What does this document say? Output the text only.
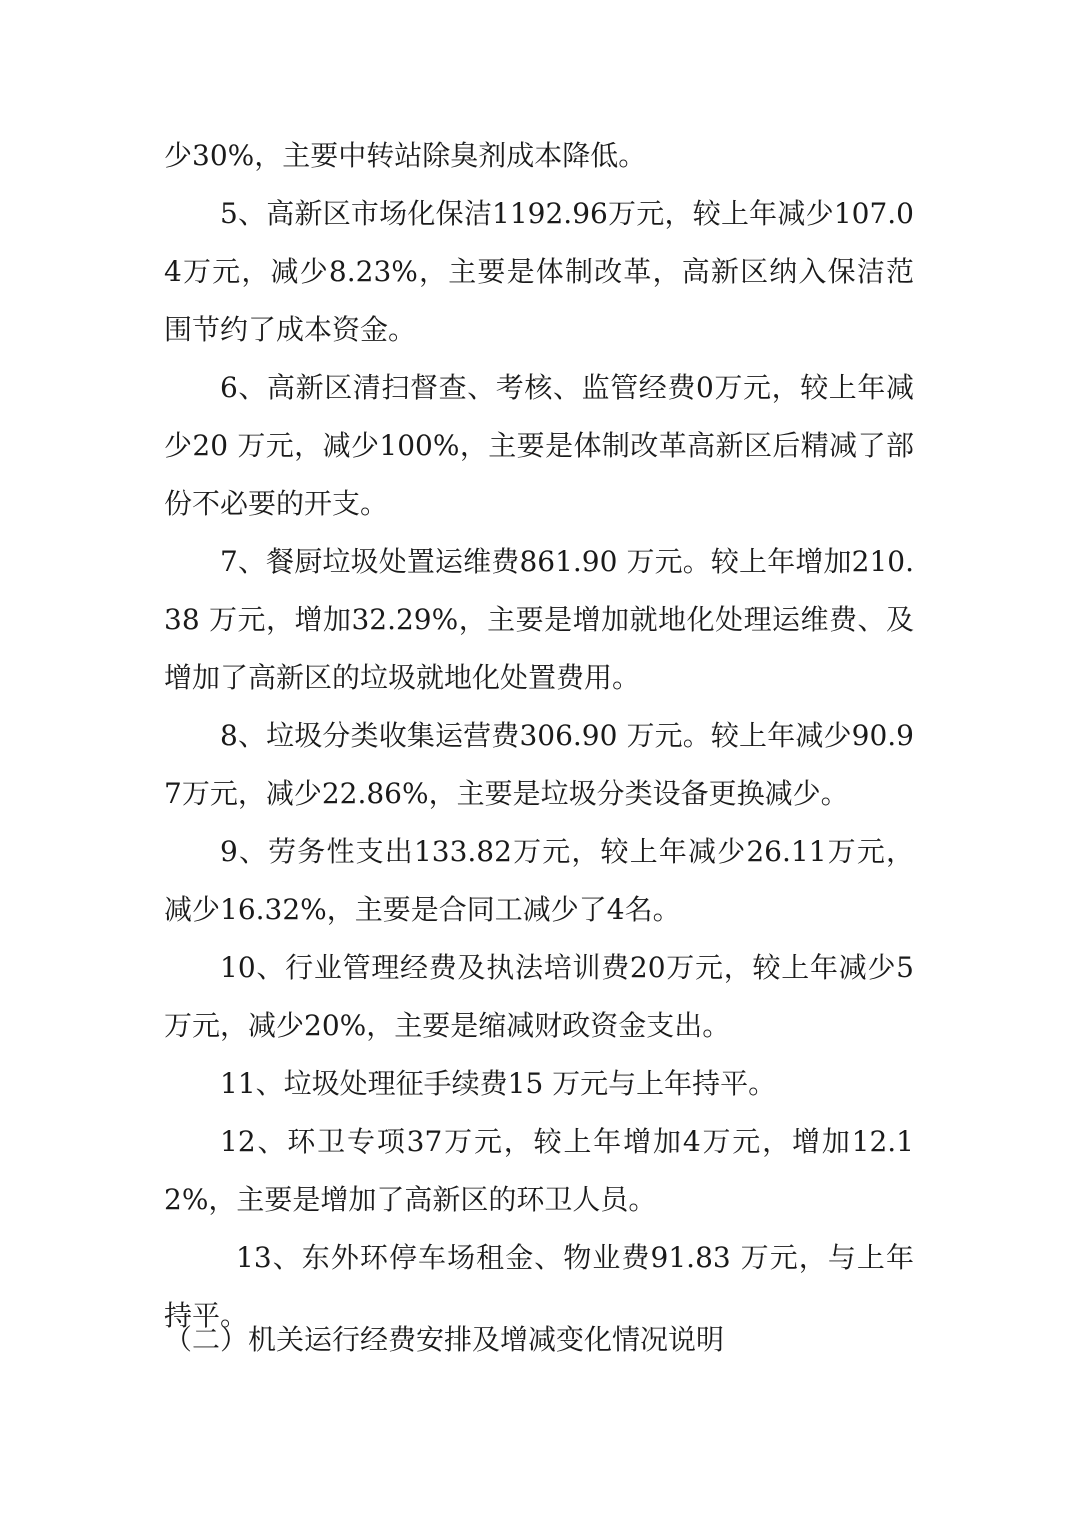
少30%，主要中转站除臭剂成本降低。

5、高新区市场化保洁1192.96万元，较上年减少107.04万元，减少8.23%，主要是体制改革，高新区纳入保洁范围节约了成本资金。

6、高新区清扫督查、考核、监管经费0万元，较上年减少20 万元，减少100%，主要是体制改革高新区后精减了部份不必要的开支。

7、餐厨垃圾处置运维费861.90 万元。较上年增加210.38 万元，增加32.29%，主要是增加就地化处理运维费、及增加了高新区的垃圾就地化处置费用。

8、垃圾分类收集运营费306.90 万元。较上年减少90.97万元，减少22.86%，主要是垃圾分类设备更换减少。

9、劳务性支出133.82万元，较上年减少26.11万元，减少16.32%，主要是合同工减少了4名。

10、行业管理经费及执法培训费20万元，较上年减少5万元，减少20%，主要是缩减财政资金支出。

11、垃圾处理征手续费15 万元与上年持平。

12、环卫专项37万元，较上年增加4万元，增加12.12%，主要是增加了高新区的环卫人员。

13、东外环停车场租金、物业费91.83 万元，与上年持平。

（二）机关运行经费安排及增减变化情况说明
